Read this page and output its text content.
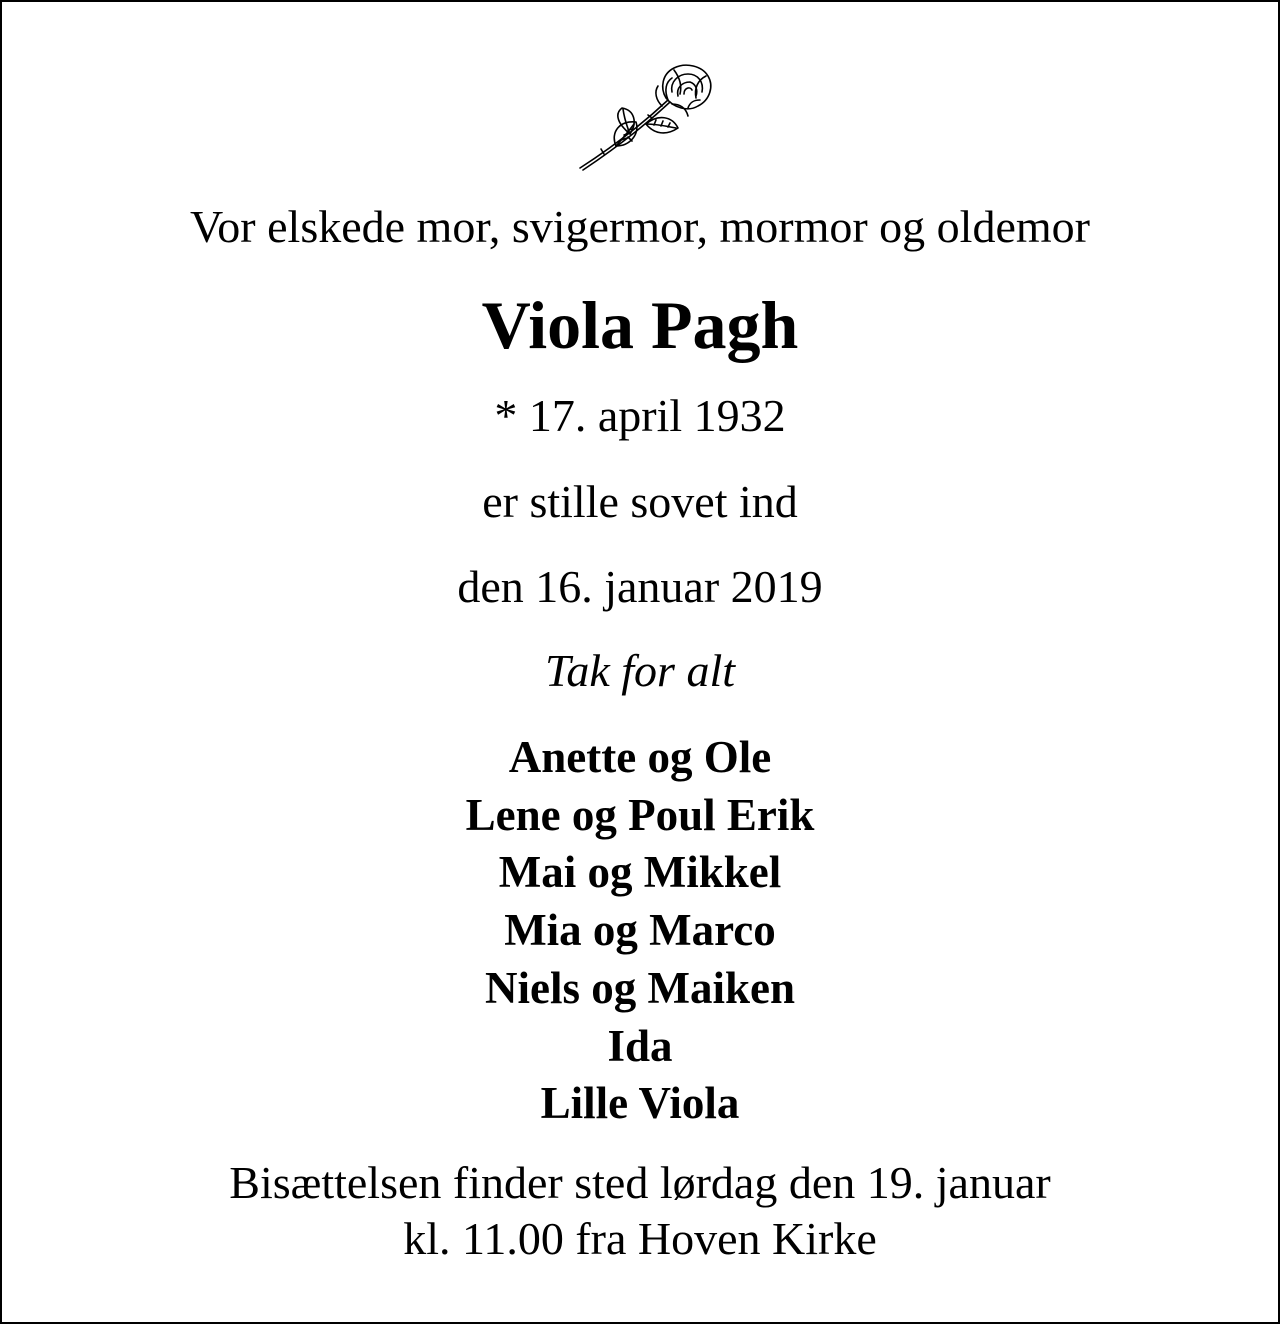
Vor elskede mor, svigermor, mormor og oldemor
Viola Pagh
* 17. april 1932
er stille sovet ind
den 16. januar 2019
Tak for alt
Anette og Ole
Lene og Poul Erik
Mai og Mikkel
Mia og Marco
Niels og Maiken
Ida
Lille Viola
Bisættelsen finder sted lørdag den 19. januar
kl. 11.00 fra Hoven Kirke
